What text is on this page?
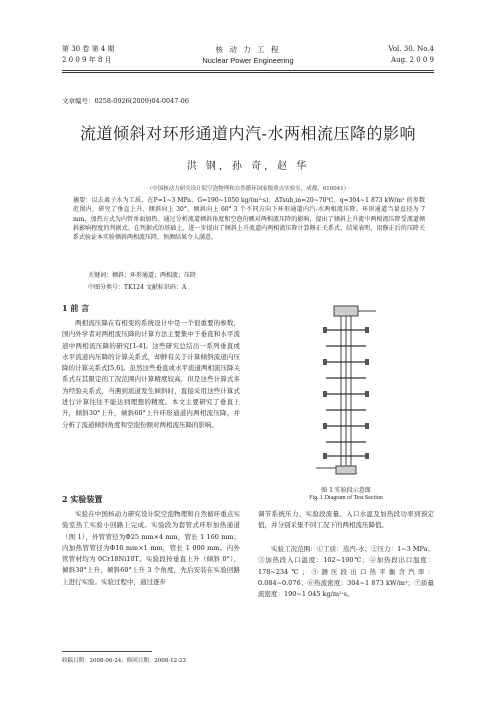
第 30 卷 第 4 期
2 0 0 9 年 8 月
核 动 力 工 程
Nuclear Power Engineering
Vol. 30. No.4
Aug. 2 0 0 9
文章编号：0258-0926(2009)04-0047-06
流道倾斜对环形通道内汽-水两相流压降的影响
洪 钢，孙 奇，赵 华
（中国核动力研究设计院空泡物理和自然循环国家级重点实验室，成都，610041）
摘要：以去离子水为工质，在P=1~3 MPa、G=190~1050 kg/(m²·s)、ΔTsub,in=20~70℃、q=304~1 873 kW/m² 的参数范围内，研究了垂直上升、倾斜向上 30°、倾斜向上 60° 3 个不同方向下环形通道内汽-水两相流压降。环形通道当量直径为 7 mm，加热方式为内管单面加热。通过分析流道倾斜角度和空泡份额对两相流压降的影响，提出了倾斜上升流中两相流压降受流道倾斜影响程度的判据式。在判据式的基础上，进一步提出了倾斜上升流道内两相流压降计算修正关系式。结果表明，用修正后的压降关系式验证本实验倾斜两相流压降，预测结果令人满意。
关键词：倾斜；环形通道；两相流；压降
中图分类号：TK124 文献标识码：A
1 前 言
两相流压降在有相变的系统设计中是一个很重要的参数，国内外学者对两相流压降的计算方法主要集中于垂直和水平流道中两相流压降的研究[1-4]。这些研究总结出一系列垂直或水平流道内压降的计算关系式，却鲜有关于计算倾斜流道内压降的计算关系式[5,6]。虽然这些垂直或水平流道两相流压降关系式在其限定的工况范围内计算精度较高，但是这些计算式多为经验关系式，当遇到流道发生倾斜时，直接采用这些计算式进行计算往往不能达到理想的精度。本文主要研究了垂直上升，倾斜30°上升，倾斜60°上升环形通道内两相流压降，并分析了流道倾斜角度和空泡份额对两相流压降的影响。
2 实验装置
实验在中国核动力研究设计院空泡物理和自然循环重点实验室热工实验小回路上完成。实验段为套管式环形加热通道（图 1），外管管径为Φ25 mm×4 mm，管长 1 160 mm；内加热管管径为Φ10 mm×1 mm，管长 1 000 mm。内外管管材均为 0Cr18Ni10T。实验段按垂直上升（倾斜 0°）、倾斜30°上升、倾斜60°上升 3 个角度，先后安装在实验回路上进行实验。实验过程中，通过逐步
图 1 实验段示意图
Fig. 1 Diagram of Test Section
调节系统压力、实验段流量、入口水温及加热段功率到预定值，并分别采集不同工况下的两相流压降值。
实验工况范围：①工质：蒸汽-水；②压力：1~3 MPa；③加热段入口温度：102~190℃；④加热段出口温度：178~234℃；⑤测压段出口热平衡含汽率：0.084~0.076；⑥热流密度：304~1 873 kW/m²；⑦质量流密度：190~1 045 kg/m²·s。
收稿日期：2008-06-24；修回日期：2008-12-23
